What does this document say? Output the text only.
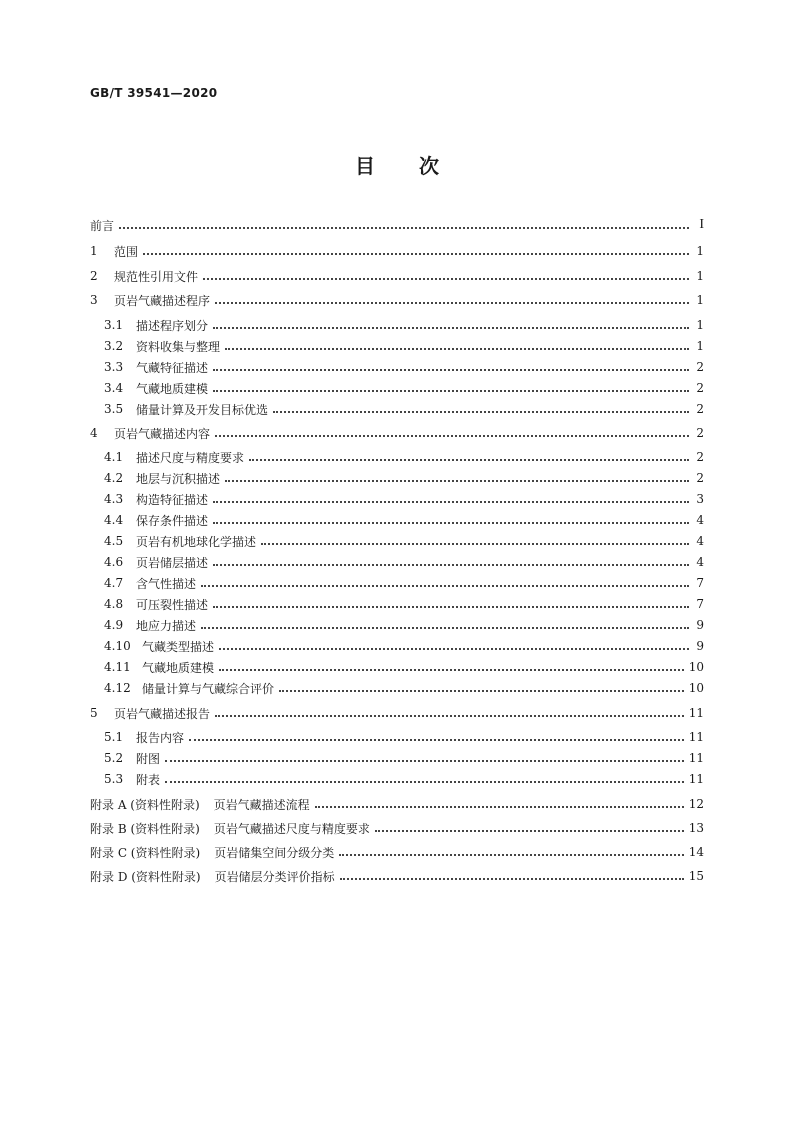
GB/T 39541—2020
目 次
前言	I
1	范围	1
2	规范性引用文件	1
3	页岩气藏描述程序	1
3.1	描述程序划分	1
3.2	资料收集与整理	1
3.3	气藏特征描述	2
3.4	气藏地质建模	2
3.5	储量计算及开发目标优选	2
4	页岩气藏描述内容	2
4.1	描述尺度与精度要求	2
4.2	地层与沉积描述	2
4.3	构造特征描述	3
4.4	保存条件描述	4
4.5	页岩有机地球化学描述	4
4.6	页岩储层描述	4
4.7	含气性描述	7
4.8	可压裂性描述	7
4.9	地应力描述	9
4.10 气藏类型描述	9
4.11 气藏地质建模	10
4.12 储量计算与气藏综合评价	10
5	页岩气藏描述报告	11
5.1	报告内容	11
5.2	附图	11
5.3	附表	11
附录 A (资料性附录) 页岩气藏描述流程	12
附录 B (资料性附录) 页岩气藏描述尺度与精度要求	13
附录 C (资料性附录) 页岩储集空间分级分类	14
附录 D (资料性附录) 页岩储层分类评价指标	15
